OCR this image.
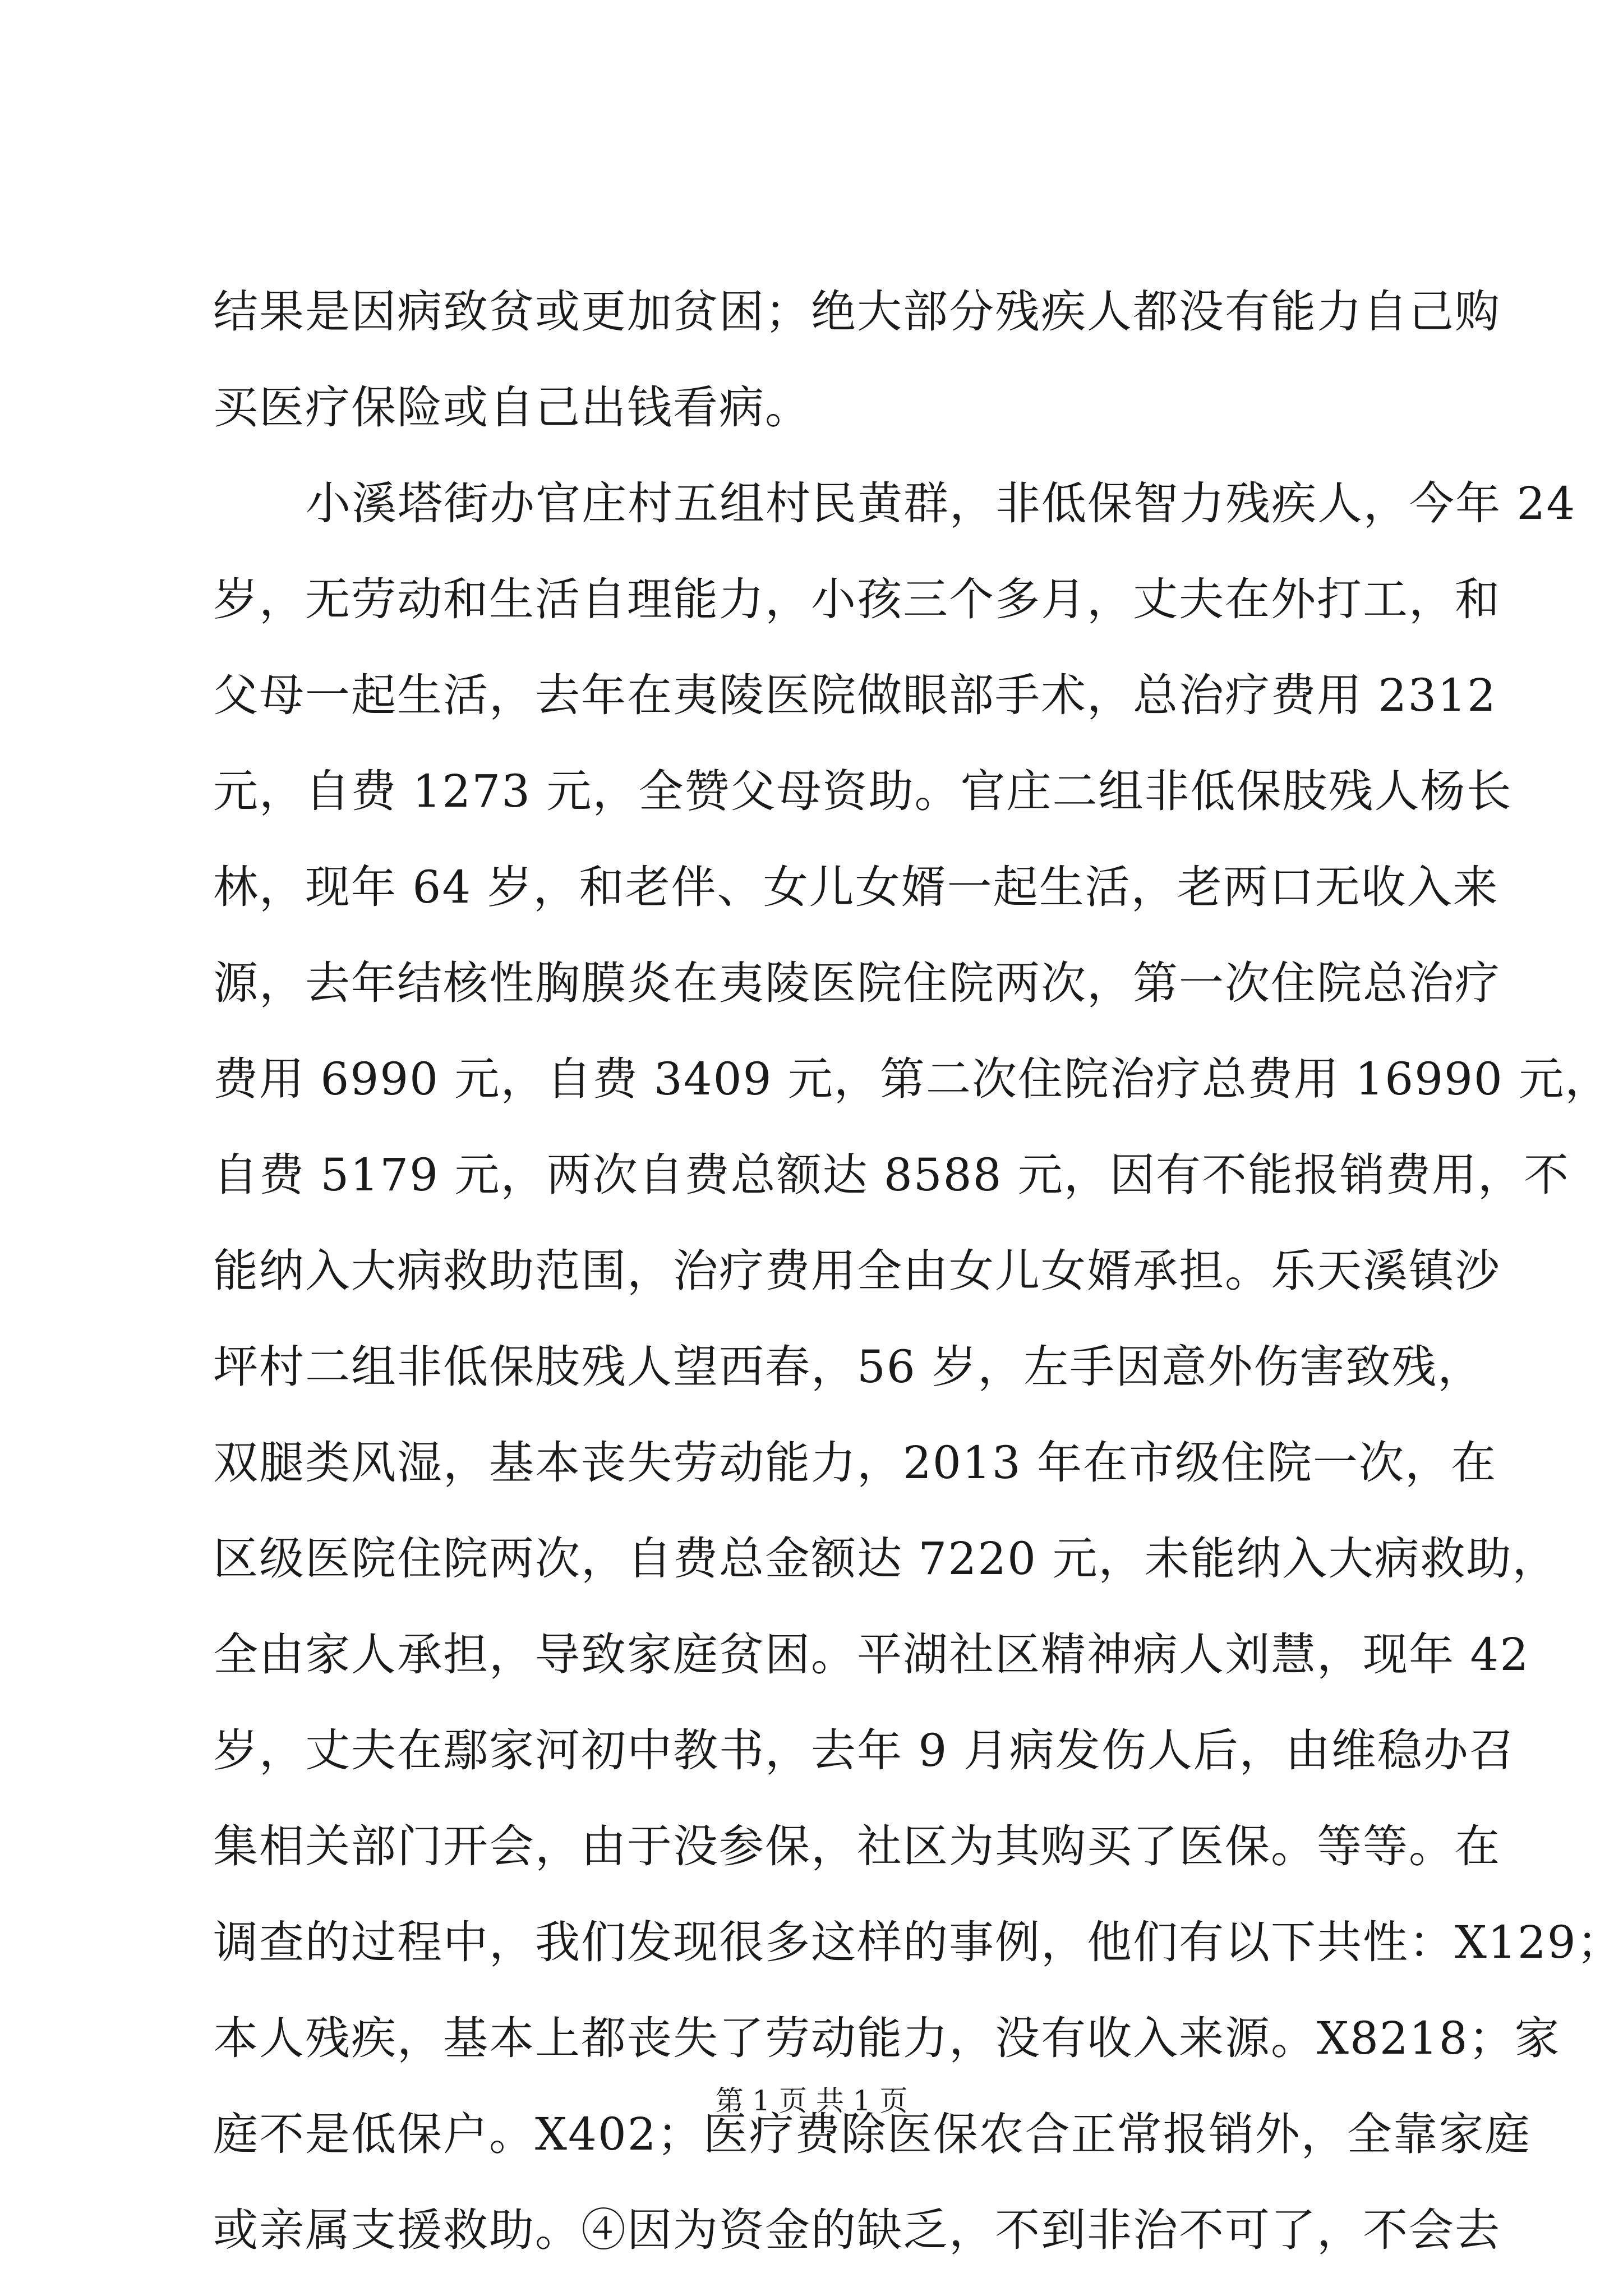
结果是因病致贫或更加贫困；绝大部分残疾人都没有能力自己购
买医疗保险或自己出钱看病。
小溪塔街办官庄村五组村民黄群，非低保智力残疾人，今年 24
岁，无劳动和生活自理能力，小孩三个多月，丈夫在外打工，和
父母一起生活，去年在夷陵医院做眼部手术，总治疗费用 2312
元，自费 1273 元，全赞父母资助。官庄二组非低保肢残人杨长
林，现年 64 岁，和老伴、女儿女婿一起生活，老两口无收入来
源，去年结核性胸膜炎在夷陵医院住院两次，第一次住院总治疗
费用 6990 元，自费 3409 元，第二次住院治疗总费用 16990 元，
自费 5179 元，两次自费总额达 8588 元，因有不能报销费用，不
能纳入大病救助范围，治疗费用全由女儿女婿承担。乐天溪镇沙
坪村二组非低保肢残人望西春，56 岁，左手因意外伤害致残，
双腿类风湿，基本丧失劳动能力，2013 年在市级住院一次，在
区级医院住院两次，自费总金额达 7220 元，未能纳入大病救助，
全由家人承担，导致家庭贫困。平湖社区精神病人刘慧，现年 42
岁，丈夫在鄢家河初中教书，去年 9 月病发伤人后，由维稳办召
集相关部门开会，由于没参保，社区为其购买了医保。等等。在
调查的过程中，我们发现很多这样的事例，他们有以下共性：X129；
本人残疾，基本上都丧失了劳动能力，没有收入来源。X8218；家
庭不是低保户。X402；医疗费除医保农合正常报销外，全靠家庭
或亲属支援救助。④因为资金的缺乏，不到非治不可了，不会去
第 1 页 共 1 页
